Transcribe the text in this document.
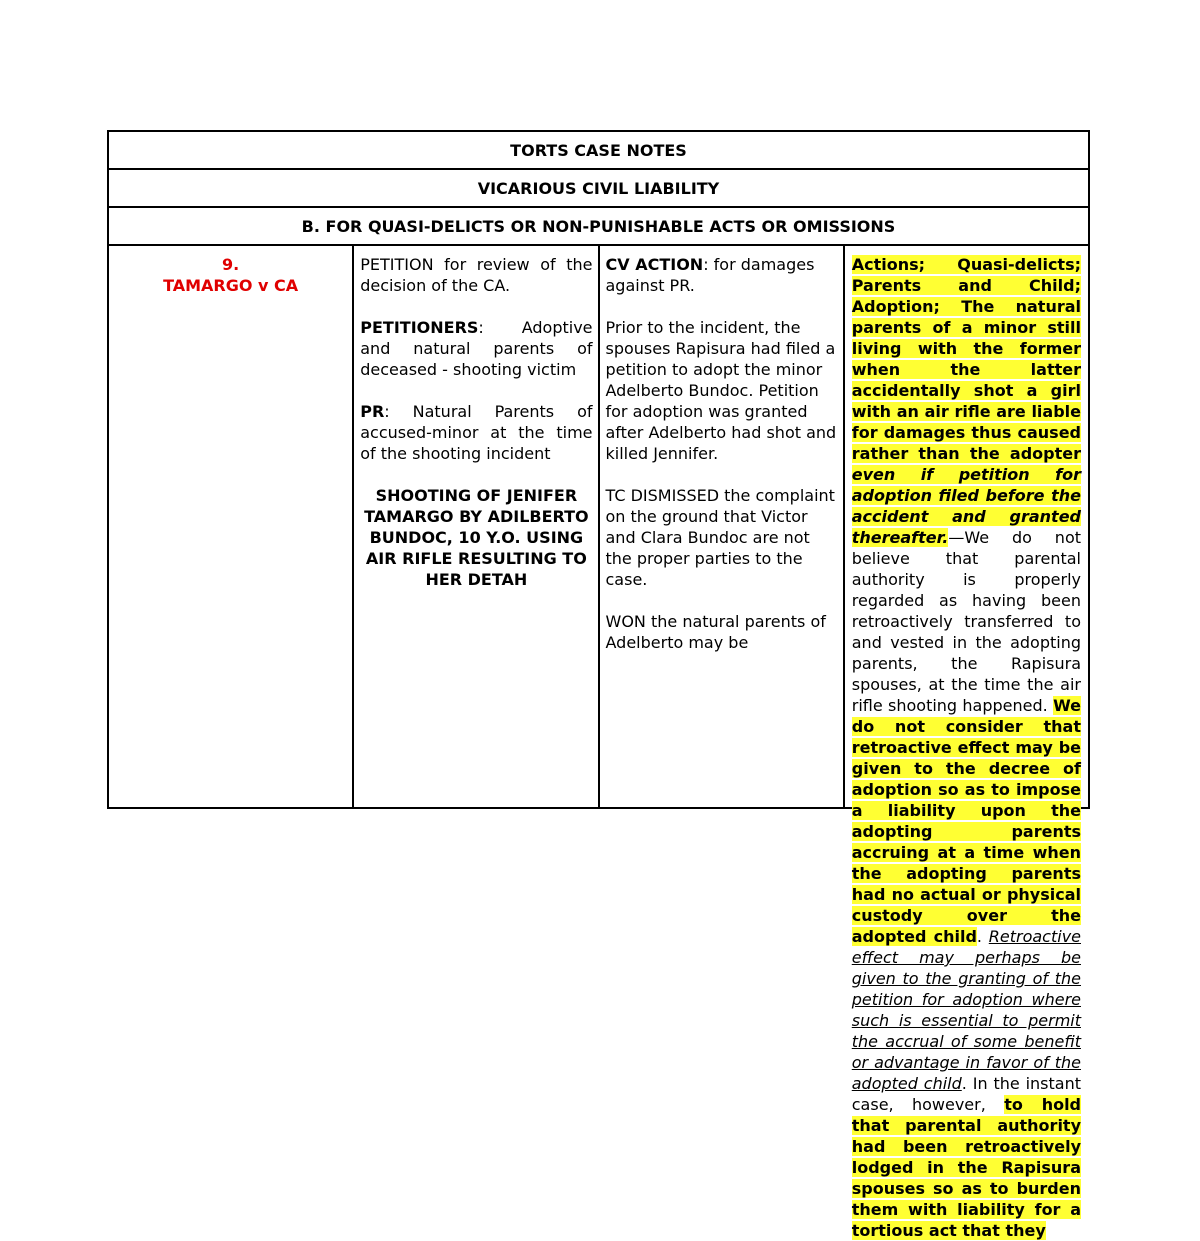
TORTS CASE NOTES
VICARIOUS CIVIL LIABILITY
B. FOR QUASI-DELICTS OR NON-PUNISHABLE ACTS OR OMISSIONS

9.
TAMARGO v CA

PETITION for review of the decision of the CA.
PETITIONERS: Adoptive and natural parents of deceased - shooting victim
PR: Natural Parents of accused-minor at the time of the shooting incident
SHOOTING OF JENIFER TAMARGO BY ADILBERTO BUNDOC, 10 Y.O. USING AIR RIFLE RESULTING TO HER DETAH

CV ACTION: for damages against PR.
Prior to the incident, the spouses Rapisura had filed a petition to adopt the minor Adelberto Bundoc. Petition for adoption was granted after Adelberto had shot and killed Jennifer.
TC DISMISSED the complaint on the ground that Victor and Clara Bundoc are not the proper parties to the case.
WON the natural parents of Adelberto may be

Actions; Quasi-delicts; Parents and Child; Adoption; The natural parents of a minor still living with the former when the latter accidentally shot a girl with an air rifle are liable for damages thus caused rather than the adopter even if petition for adoption filed before the accident and granted thereafter.—We do not believe that parental authority is properly regarded as having been retroactively transferred to and vested in the adopting parents, the Rapisura spouses, at the time the air rifle shooting happened. We do not consider that retroactive effect may be given to the decree of adoption so as to impose a liability upon the adopting parents accruing at a time when the adopting parents had no actual or physical custody over the adopted child. Retroactive effect may perhaps be given to the granting of the petition for adoption where such is essential to permit the accrual of some benefit or advantage in favor of the adopted child. In the instant case, however, to hold that parental authority had been retroactively lodged in the Rapisura spouses so as to burden them with liability for a tortious act that they
